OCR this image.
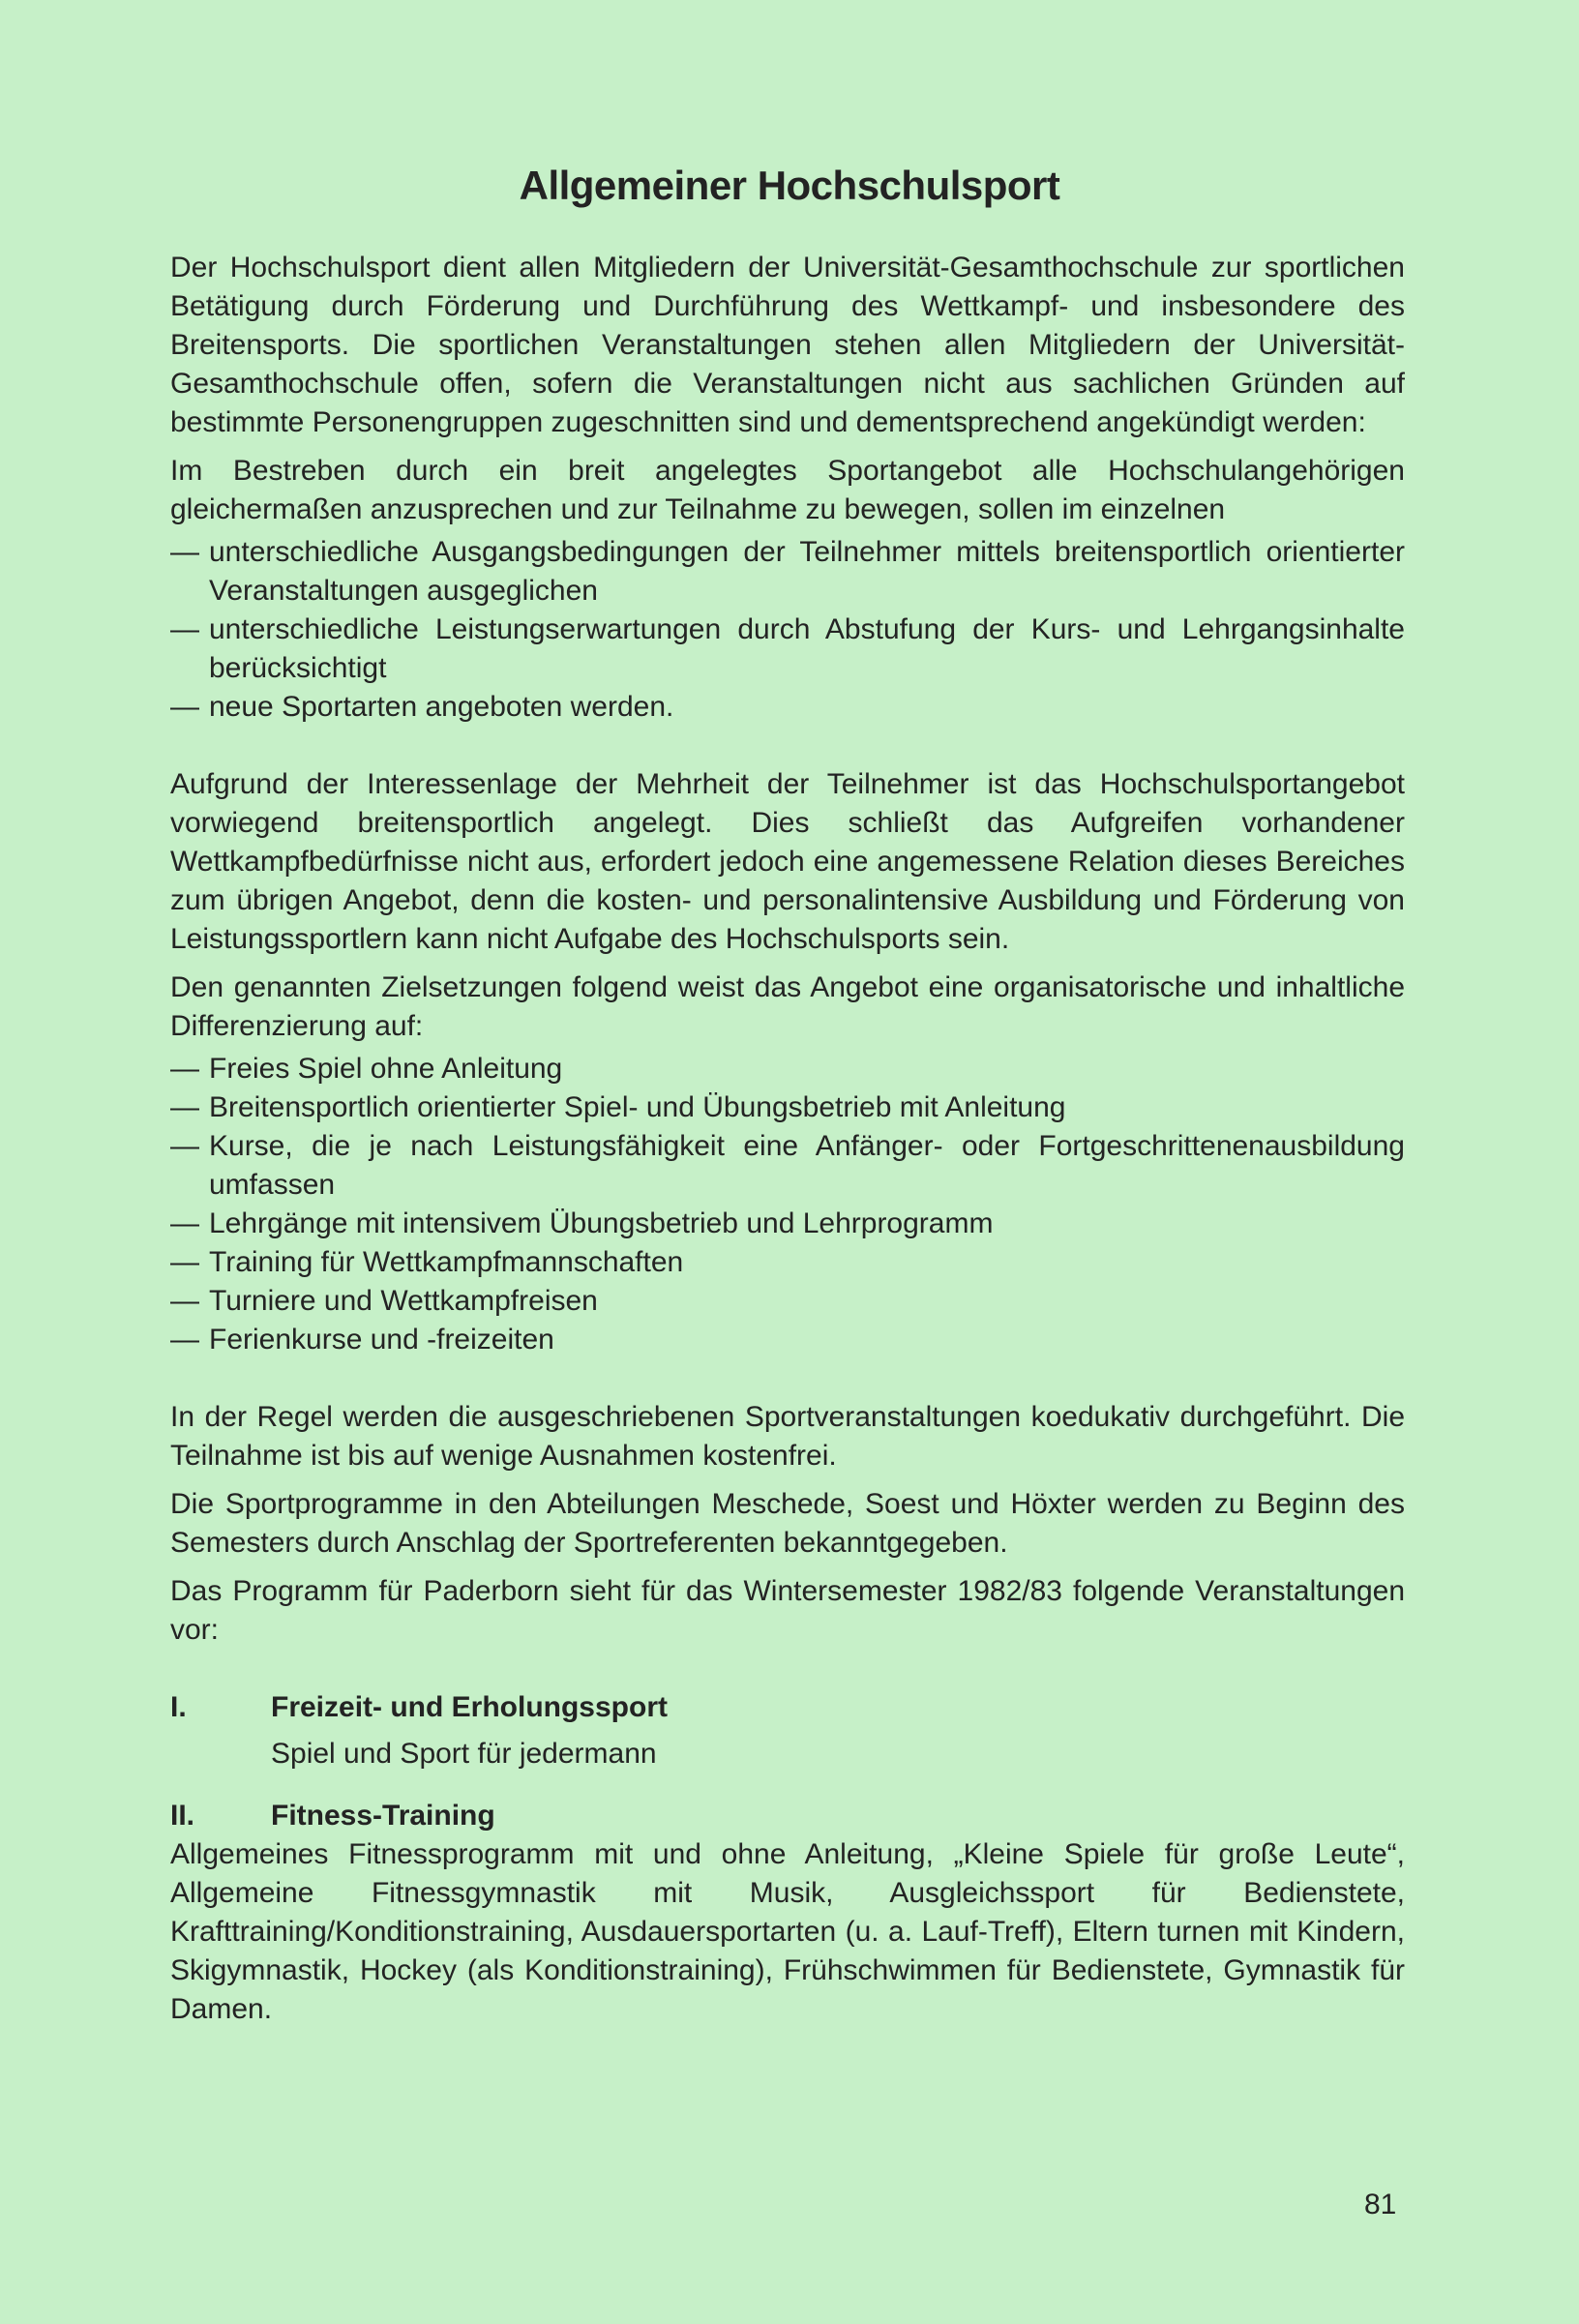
Allgemeiner Hochschulsport

Der Hochschulsport dient allen Mitgliedern der Universität-Gesamthochschule zur sportlichen Betätigung durch Förderung und Durchführung des Wettkampf- und insbesondere des Breitensports. Die sportlichen Veranstaltungen stehen allen Mitgliedern der Universität-Gesamthochschule offen, sofern die Veranstaltungen nicht aus sachlichen Gründen auf bestimmte Personengruppen zugeschnitten sind und dementsprechend angekündigt werden:

Im Bestreben durch ein breit angelegtes Sportangebot alle Hochschulangehörigen gleichermaßen anzusprechen und zur Teilnahme zu bewegen, sollen im einzelnen

— unterschiedliche Ausgangsbedingungen der Teilnehmer mittels breitensportlich orientierter Veranstaltungen ausgeglichen
— unterschiedliche Leistungserwartungen durch Abstufung der Kurs- und Lehrgangsinhalte berücksichtigt
— neue Sportarten angeboten werden.

Aufgrund der Interessenlage der Mehrheit der Teilnehmer ist das Hochschulsportangebot vorwiegend breitensportlich angelegt. Dies schließt das Aufgreifen vorhandener Wettkampfbedürfnisse nicht aus, erfordert jedoch eine angemessene Relation dieses Bereiches zum übrigen Angebot, denn die kosten- und personalintensive Ausbildung und Förderung von Leistungssportlern kann nicht Aufgabe des Hochschulsports sein.

Den genannten Zielsetzungen folgend weist das Angebot eine organisatorische und inhaltliche Differenzierung auf:

— Freies Spiel ohne Anleitung
— Breitensportlich orientierter Spiel- und Übungsbetrieb mit Anleitung
— Kurse, die je nach Leistungsfähigkeit eine Anfänger- oder Fortgeschrittenenausbildung umfassen
— Lehrgänge mit intensivem Übungsbetrieb und Lehrprogramm
— Training für Wettkampfmannschaften
— Turniere und Wettkampfreisen
— Ferienkurse und -freizeiten

In der Regel werden die ausgeschriebenen Sportveranstaltungen koedukativ durchgeführt. Die Teilnahme ist bis auf wenige Ausnahmen kostenfrei.

Die Sportprogramme in den Abteilungen Meschede, Soest und Höxter werden zu Beginn des Semesters durch Anschlag der Sportreferenten bekanntgegeben.

Das Programm für Paderborn sieht für das Wintersemester 1982/83 folgende Veranstaltungen vor:

I.	Freizeit- und Erholungssport

Spiel und Sport für jedermann

II.	Fitness-Training

Allgemeines Fitnessprogramm mit und ohne Anleitung, „Kleine Spiele für große Leute“, Allgemeine Fitnessgymnastik mit Musik, Ausgleichssport für Bedienstete, Krafttraining/Konditionstraining, Ausdauersportarten (u. a. Lauf-Treff), Eltern turnen mit Kindern, Skigymnastik, Hockey (als Konditionstraining), Frühschwimmen für Bedienstete, Gymnastik für Damen.

81
